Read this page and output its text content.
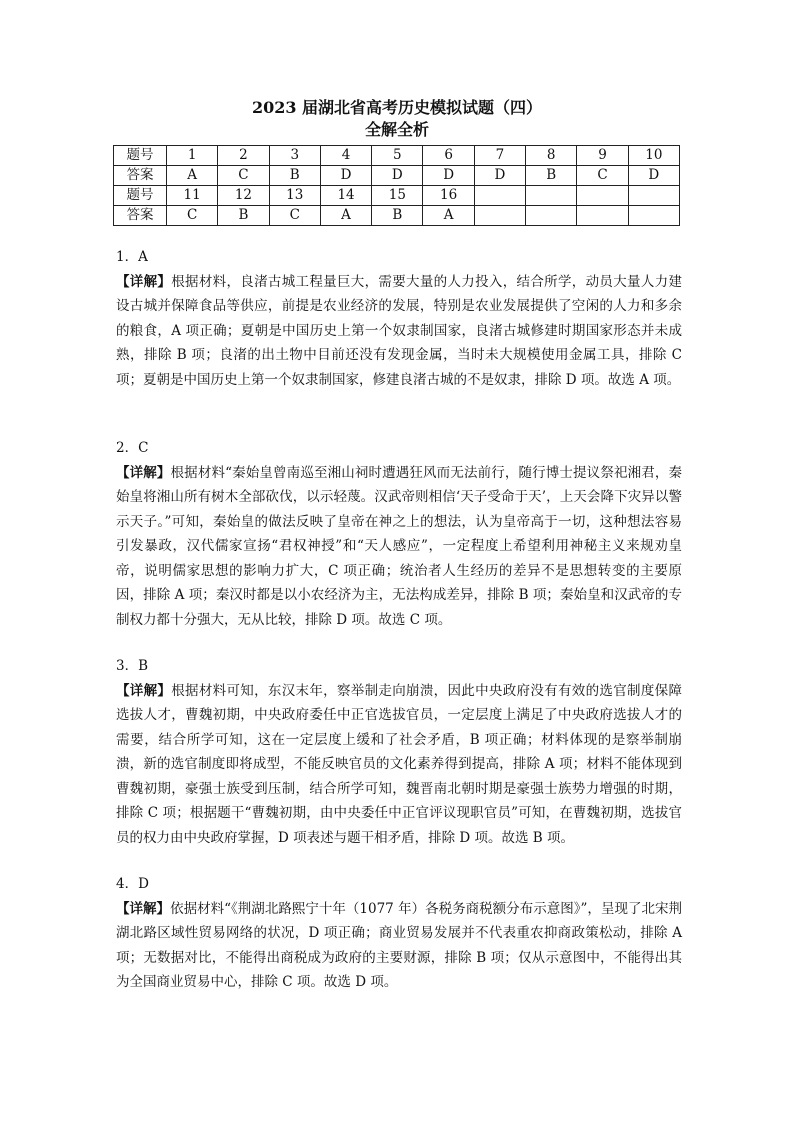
2023 届湖北省高考历史模拟试题（四）
全解全析
题号	1	2	3	4	5	6	7	8	9	10
答案	A	C	B	D	D	D	D	B	C	D
题号	11	12	13	14	15	16				
答案	C	B	C	A	B	A				
1．A
【详解】根据材料，良渚古城工程量巨大，需要大量的人力投入，结合所学，动员大量人力建设古城并保障食品等供应，前提是农业经济的发展，特别是农业发展提供了空闲的人力和多余的粮食，A 项正确；夏朝是中国历史上第一个奴隶制国家，良渚古城修建时期国家形态并未成熟，排除 B 项；良渚的出土物中目前还没有发现金属，当时未大规模使用金属工具，排除 C 项；夏朝是中国历史上第一个奴隶制国家，修建良渚古城的不是奴隶，排除 D 项。故选 A 项。
2．C
【详解】根据材料“秦始皇曾南巡至湘山祠时遭遇狂风而无法前行，随行博士提议祭祀湘君，秦始皇将湘山所有树木全部砍伐，以示轻蔑。汉武帝则相信‘天子受命于天’，上天会降下灾异以警示天子。”可知，秦始皇的做法反映了皇帝在神之上的想法，认为皇帝高于一切，这种想法容易引发暴政，汉代儒家宣扬“君权神授”和“天人感应”，一定程度上希望利用神秘主义来规劝皇帝，说明儒家思想的影响力扩大，C 项正确；统治者人生经历的差异不是思想转变的主要原因，排除 A 项；秦汉时都是以小农经济为主，无法构成差异，排除 B 项；秦始皇和汉武帝的专制权力都十分强大，无从比较，排除 D 项。故选 C 项。
3．B
【详解】根据材料可知，东汉末年，察举制走向崩溃，因此中央政府没有有效的选官制度保障选拔人才，曹魏初期，中央政府委任中正官选拔官员，一定层度上满足了中央政府选拔人才的需要，结合所学可知，这在一定层度上缓和了社会矛盾，B 项正确；材料体现的是察举制崩溃，新的选官制度即将成型，不能反映官员的文化素养得到提高，排除 A 项；材料不能体现到曹魏初期，豪强士族受到压制，结合所学可知，魏晋南北朝时期是豪强士族势力增强的时期，排除 C 项；根据题干“曹魏初期，由中央委任中正官评议现职官员”可知，在曹魏初期，选拔官员的权力由中央政府掌握，D 项表述与题干相矛盾，排除 D 项。故选 B 项。
4．D
【详解】依据材料“《荆湖北路熙宁十年（1077 年）各税务商税额分布示意图》”，呈现了北宋荆湖北路区域性贸易网络的状况，D 项正确；商业贸易发展并不代表重农抑商政策松动，排除 A 项；无数据对比，不能得出商税成为政府的主要财源，排除 B 项；仅从示意图中，不能得出其为全国商业贸易中心，排除 C 项。故选 D 项。
